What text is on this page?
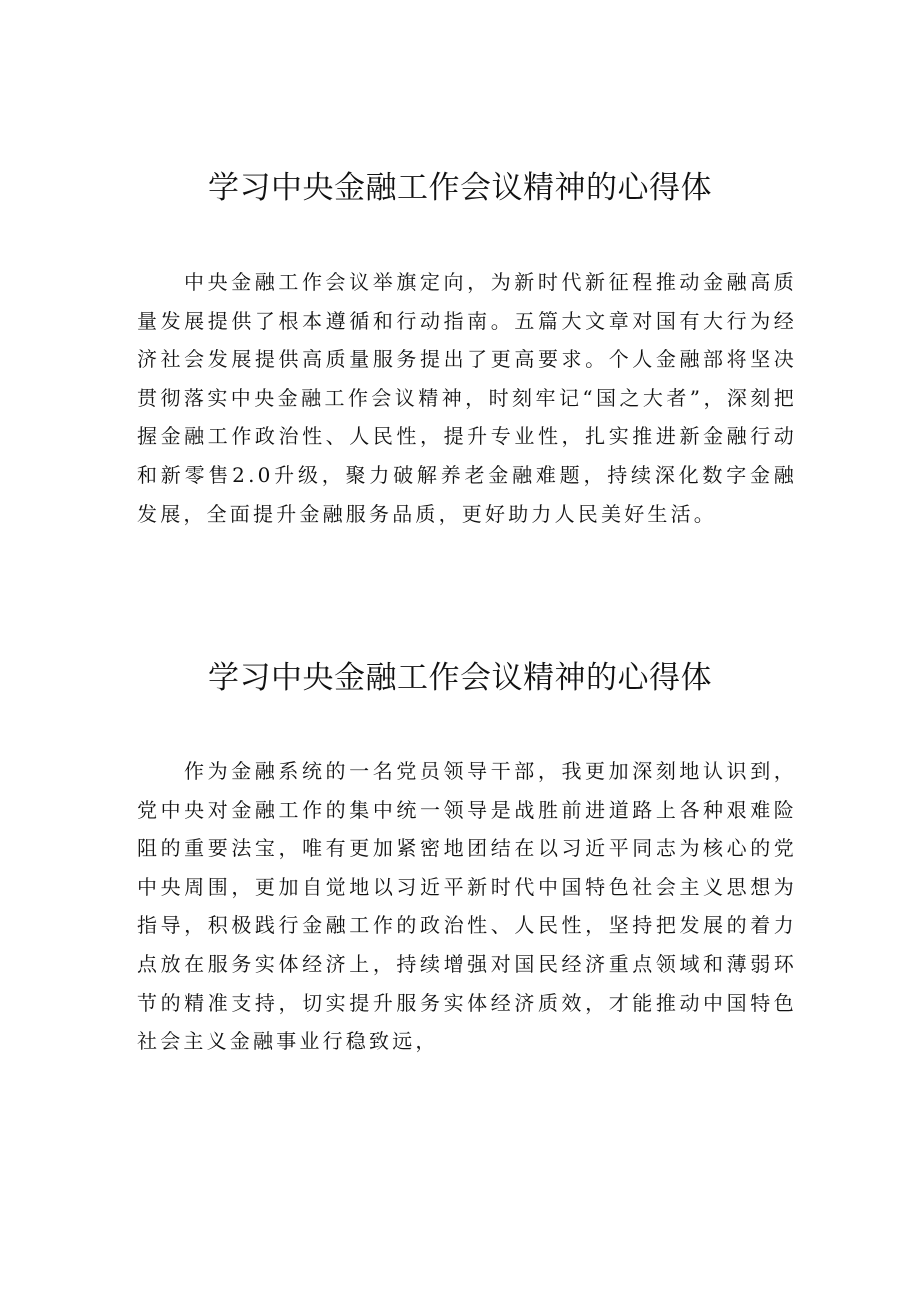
学习中央金融工作会议精神的心得体

中央金融工作会议举旗定向，为新时代新征程推动金融高质量发展提供了根本遵循和行动指南。五篇大文章对国有大行为经济社会发展提供高质量服务提出了更高要求。个人金融部将坚决贯彻落实中央金融工作会议精神，时刻牢记“国之大者”，深刻把握金融工作政治性、人民性，提升专业性，扎实推进新金融行动和新零售2.0升级，聚力破解养老金融难题，持续深化数字金融发展，全面提升金融服务品质，更好助力人民美好生活。

学习中央金融工作会议精神的心得体

作为金融系统的一名党员领导干部，我更加深刻地认识到，党中央对金融工作的集中统一领导是战胜前进道路上各种艰难险阻的重要法宝，唯有更加紧密地团结在以习近平同志为核心的党中央周围，更加自觉地以习近平新时代中国特色社会主义思想为指导，积极践行金融工作的政治性、人民性，坚持把发展的着力点放在服务实体经济上，持续增强对国民经济重点领域和薄弱环节的精准支持，切实提升服务实体经济质效，才能推动中国特色社会主义金融事业行稳致远，
